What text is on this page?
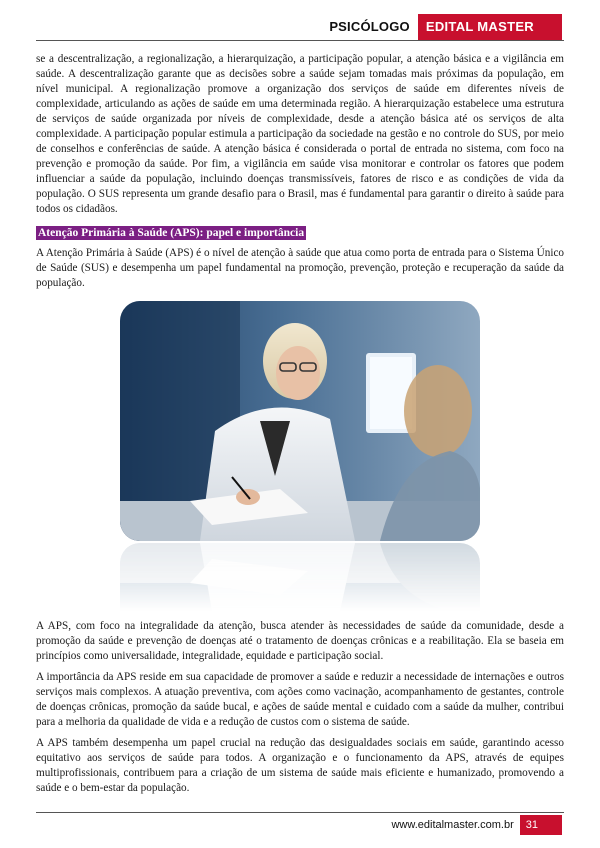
PSICÓLOGO	EDITAL MASTER

se a descentralização, a regionalização, a hierarquização, a participação popular, a atenção básica e a vigilância em saúde. A descentralização garante que as decisões sobre a saúde sejam tomadas mais próximas da população, em nível municipal. A regionalização promove a organização dos serviços de saúde em diferentes níveis de complexidade, articulando as ações de saúde em uma determinada região. A hierarquização estabelece uma estrutura de serviços de saúde organizada por níveis de complexidade, desde a atenção básica até os serviços de alta complexidade. A participação popular estimula a participação da sociedade na gestão e no controle do SUS, por meio de conselhos e conferências de saúde. A atenção básica é considerada o portal de entrada no sistema, com foco na prevenção e promoção da saúde. Por fim, a vigilância em saúde visa monitorar e controlar os fatores que podem influenciar a saúde da população, incluindo doenças transmissíveis, fatores de risco e as condições de vida da população. O SUS representa um grande desafio para o Brasil, mas é fundamental para garantir o direito à saúde para todos os cidadãos.

Atenção Primária à Saúde (APS): papel e importância

A Atenção Primária à Saúde (APS) é o nível de atenção à saúde que atua como porta de entrada para o Sistema Único de Saúde (SUS) e desempenha um papel fundamental na promoção, prevenção, proteção e recuperação da saúde da população.

A APS, com foco na integralidade da atenção, busca atender às necessidades de saúde da comunidade, desde a promoção da saúde e prevenção de doenças até o tratamento de doenças crônicas e a reabilitação. Ela se baseia em princípios como universalidade, integralidade, equidade e participação social.

A importância da APS reside em sua capacidade de promover a saúde e reduzir a necessidade de internações e outros serviços mais complexos. A atuação preventiva, com ações como vacinação, acompanhamento de gestantes, controle de doenças crônicas, promoção da saúde bucal, e ações de saúde mental e cuidado com a saúde da mulher, contribui para a melhoria da qualidade de vida e a redução de custos com o sistema de saúde.

A APS também desempenha um papel crucial na redução das desigualdades sociais em saúde, garantindo acesso equitativo aos serviços de saúde para todos. A organização e o funcionamento da APS, através de equipes multiprofissionais, contribuem para a criação de um sistema de saúde mais eficiente e humanizado, promovendo a saúde e o bem-estar da população.

www.editalmaster.com.br	31
